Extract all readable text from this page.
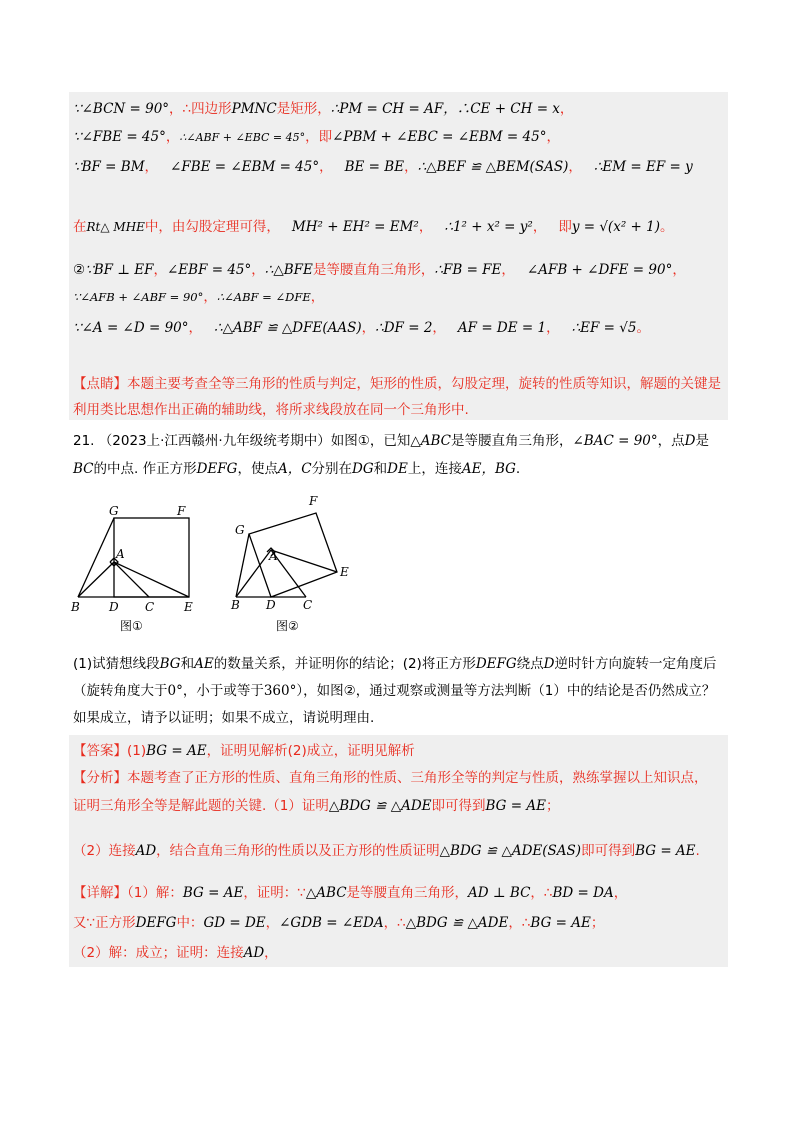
∵∠BCN = 90°，∴四边形PMNC是矩形，∴PM = CH = AF，∴CE + CH = x，
∵∠FBE = 45°，∴∠ABF + ∠EBC = 45°，即∠PBM + ∠EBC = ∠EBM = 45°，
∵BF = BM， ∠FBE = ∠EBM = 45°， BE = BE，∴△BEF ≌ △BEM(SAS)， ∴EM = EF = y
在Rt△ MHE中，由勾股定理可得， MH² + EH² = EM²， ∴1² + x² = y²， 即y = √(x² + 1)。
②∵BF ⊥ EF，∠EBF = 45°，∴△BFE是等腰直角三角形，∴FB = FE， ∠AFB + ∠DFE = 90°，
∵∠AFB + ∠ABF = 90°，∴∠ABF = ∠DFE，
∵∠A = ∠D = 90°， ∴△ABF ≌ △DFE(AAS)，∴DF = 2， AF = DE = 1， ∴EF = √5。
【点睛】本题主要考查全等三角形的性质与判定，矩形的性质，勾股定理，旋转的性质等知识，解题的关键是利用类比思想作出正确的辅助线，将所求线段放在同一个三角形中.
21. （2023上·江西赣州·九年级统考期中）如图①，已知△ABC是等腰直角三角形，∠BAC = 90°，点D是BC的中点. 作正方形DEFG，使点A，C分别在DG和DE上，连接AE，BG.
G	F
A
B D C E
图①
G
F
A
B D C
E
图②
(1)试猜想线段BG和AE的数量关系，并证明你的结论；(2)将正方形DEFG绕点D逆时针方向旋转一定角度后（旋转角度大于0°，小于或等于360°），如图②，通过观察或测量等方法判断（1）中的结论是否仍然成立？如果成立，请予以证明；如果不成立，请说明理由.
【答案】(1)BG = AE，证明见解析(2)成立，证明见解析
【分析】本题考查了正方形的性质、直角三角形的性质、三角形全等的判定与性质，熟练掌握以上知识点，
证明三角形全等是解此题的关键.（1）证明△BDG ≌ △ADE即可得到BG = AE；
（2）连接AD，结合直角三角形的性质以及正方形的性质证明△BDG ≌ △ADE(SAS)即可得到BG = AE.
【详解】（1）解：BG = AE，证明：∵△ABC是等腰直角三角形，AD ⊥ BC，∴BD = DA，
又∵正方形DEFG中：GD = DE，∠GDB = ∠EDA，∴△BDG ≌ △ADE，∴BG = AE；
（2）解：成立；证明：连接AD，
